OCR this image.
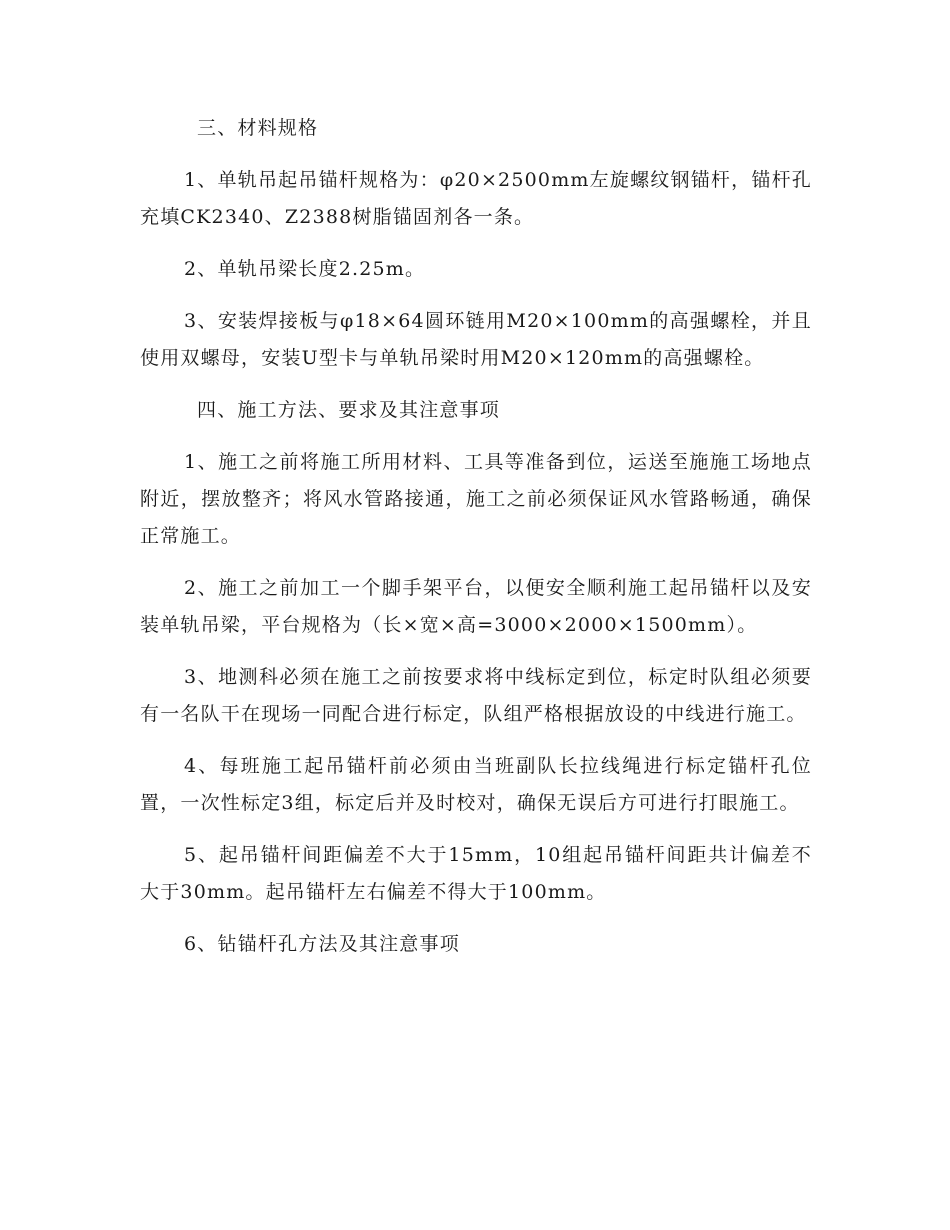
三、材料规格

1、单轨吊起吊锚杆规格为：φ20×2500mm左旋螺纹钢锚杆，锚杆孔充填CK2340、Z2388树脂锚固剂各一条。

2、单轨吊梁长度2.25m。

3、安装焊接板与φ18×64圆环链用M20×100mm的高强螺栓，并且使用双螺母，安装U型卡与单轨吊梁时用M20×120mm的高强螺栓。

四、施工方法、要求及其注意事项

1、施工之前将施工所用材料、工具等准备到位，运送至施施工场地点附近，摆放整齐；将风水管路接通，施工之前必须保证风水管路畅通，确保正常施工。

2、施工之前加工一个脚手架平台，以便安全顺利施工起吊锚杆以及安装单轨吊梁，平台规格为（长×宽×高=3000×2000×1500mm）。

3、地测科必须在施工之前按要求将中线标定到位，标定时队组必须要有一名队干在现场一同配合进行标定，队组严格根据放设的中线进行施工。

4、每班施工起吊锚杆前必须由当班副队长拉线绳进行标定锚杆孔位置，一次性标定3组，标定后并及时校对，确保无误后方可进行打眼施工。

5、起吊锚杆间距偏差不大于15mm，10组起吊锚杆间距共计偏差不大于30mm。起吊锚杆左右偏差不得大于100mm。

6、钻锚杆孔方法及其注意事项
